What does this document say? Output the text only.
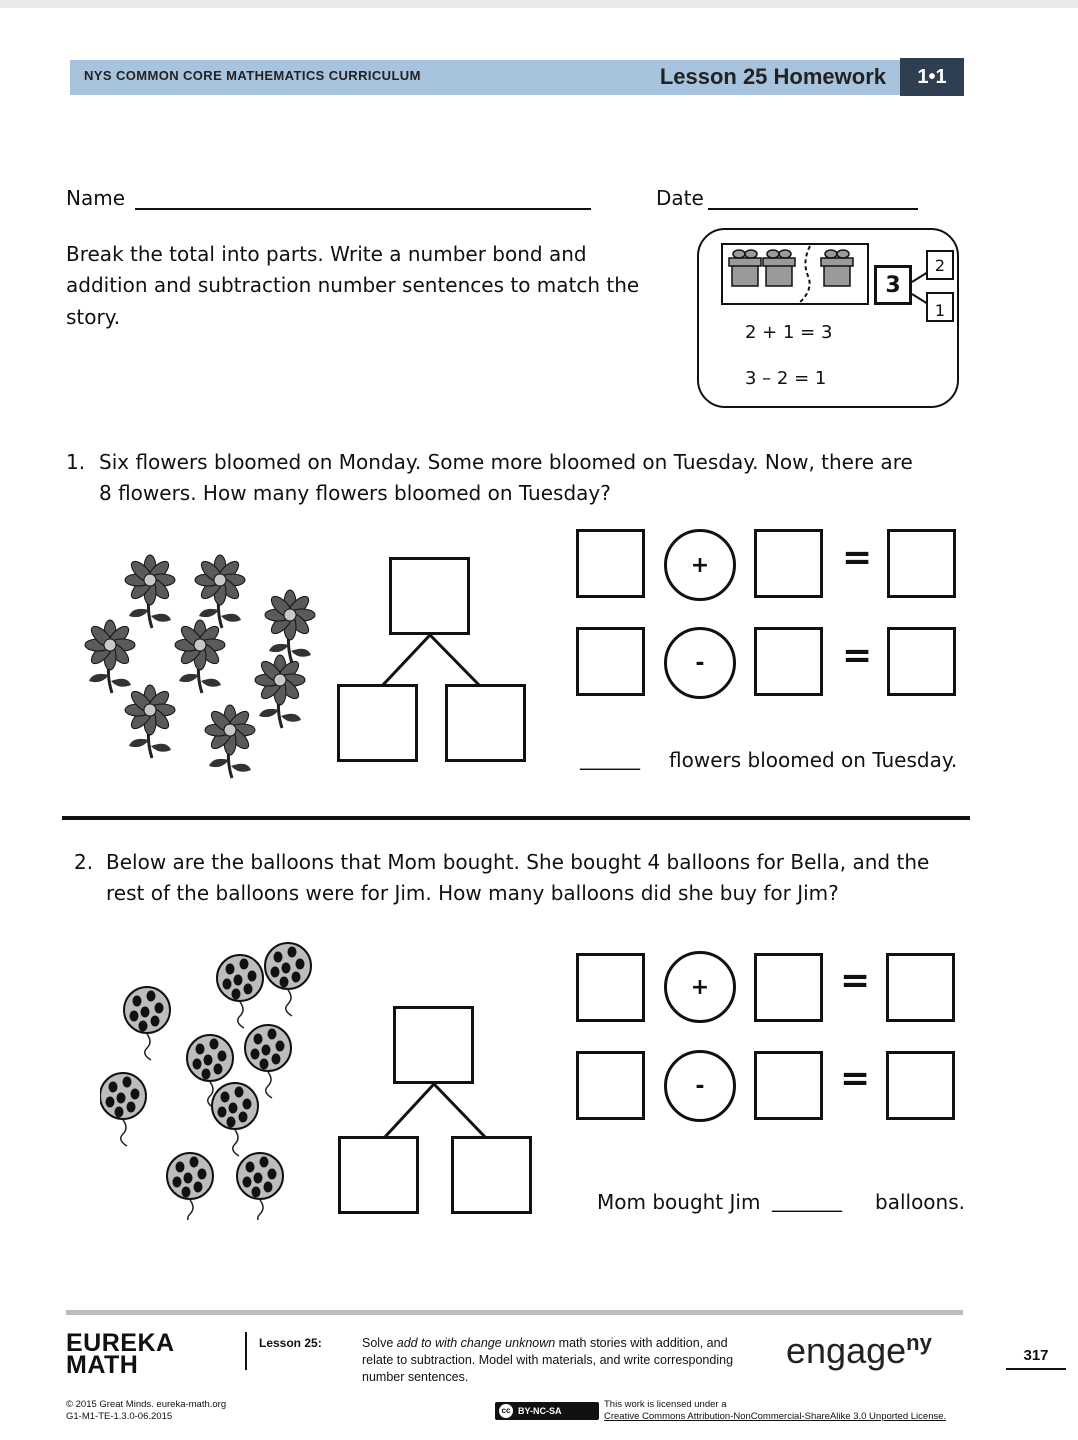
NYS COMMON CORE MATHEMATICS CURRICULUM	Lesson 25 Homework	1•1
Name	Date
Break the total into parts. Write a number bond and
addition and subtraction number sentences to match the
story.
3
2
1
2 + 1 = 3
3 – 2 = 1
1. Six flowers bloomed on Monday. Some more bloomed on Tuesday. Now, there are
8 flowers. How many flowers bloomed on Tuesday?
+	=
-	=
______ flowers bloomed on Tuesday.
2. Below are the balloons that Mom bought. She bought 4 balloons for Bella, and the
rest of the balloons were for Jim. How many balloons did she buy for Jim?
+	=
-	=
Mom bought Jim _______ balloons.
EUREKA
MATH
Lesson 25:	Solve add to with change unknown math stories with addition, and
relate to subtraction. Model with materials, and write corresponding
number sentences.
engage$^{ny}$
317
© 2015 Great Minds. eureka-math.org
G1-M1-TE-1.3.0-06.2015
cc BY-NC-SA
This work is licensed under a
Creative Commons Attribution-NonCommercial-ShareAlike 3.0 Unported License.
